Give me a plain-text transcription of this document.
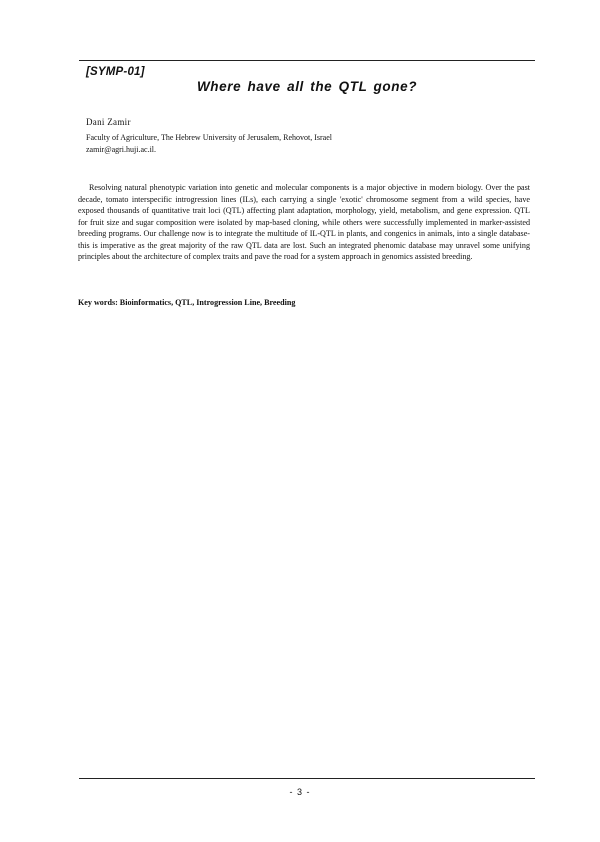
[SYMP-01]
Where have all the QTL gone?
Dani Zamir
Faculty of Agriculture, The Hebrew University of Jerusalem, Rehovot, Israel
zamir@agri.huji.ac.il.

Resolving natural phenotypic variation into genetic and molecular components is a major objective in modern biology. Over the past decade, tomato interspecific introgression lines (ILs), each carrying a single 'exotic' chromosome segment from a wild species, have exposed thousands of quantitative trait loci (QTL) affecting plant adaptation, morphology, yield, metabolism, and gene expression. QTL for fruit size and sugar composition were isolated by map-based cloning, while others were successfully implemented in marker-assisted breeding programs. Our challenge now is to integrate the multitude of IL-QTL in plants, and congenics in animals, into a single database-this is imperative as the great majority of the raw QTL data are lost. Such an integrated phenomic database may unravel some unifying principles about the architecture of complex traits and pave the road for a system approach in genomics assisted breeding.

Key words: Bioinformatics, QTL, Introgression Line, Breeding
- 3 -
